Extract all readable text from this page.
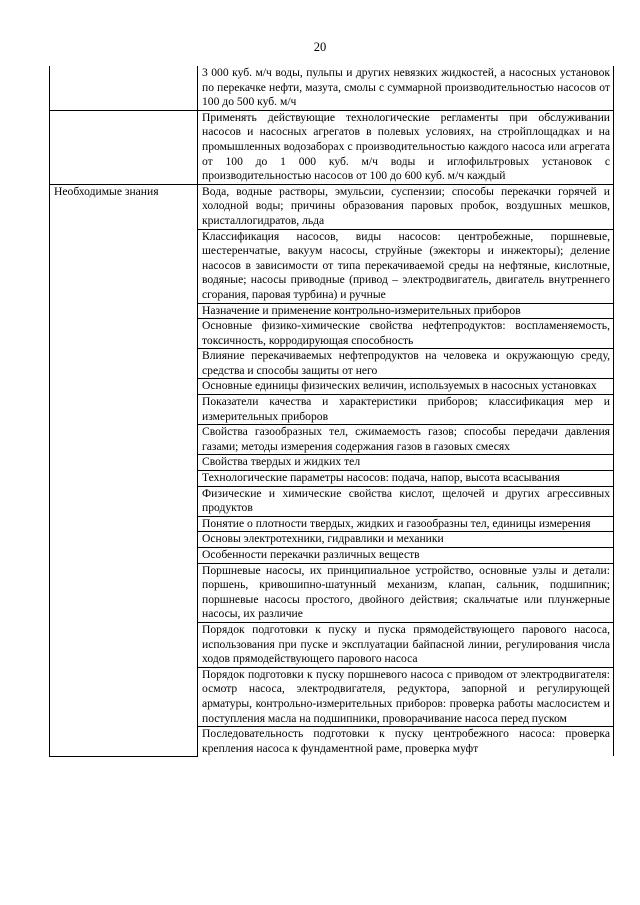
20
	3 000 куб. м/ч воды, пульпы и других невязких жидкостей, а насосных установок по перекачке нефти, мазута, смолы с суммарной производительностью насосов от 100 до 500 куб. м/ч
	Применять действующие технологические регламенты при обслуживании насосов и насосных агрегатов в полевых условиях, на стройплощадках и на промышленных водозаборах с производительностью каждого насоса или агрегата от 100 до 1 000 куб. м/ч воды и иглофильтровых установок с производительностью насосов от 100 до 600 куб. м/ч каждый
Необходимые знания	Вода, водные растворы, эмульсии, суспензии; способы перекачки горячей и холодной воды; причины образования паровых пробок, воздушных мешков, кристаллогидратов, льда
	Классификация насосов, виды насосов: центробежные, поршневые, шестеренчатые, вакуум насосы, струйные (эжекторы и инжекторы); деление насосов в зависимости от типа перекачиваемой среды на нефтяные, кислотные, водяные; насосы приводные (привод – электродвигатель, двигатель внутреннего сгорания, паровая турбина) и ручные
	Назначение и применение контрольно-измерительных приборов
	Основные физико-химические свойства нефтепродуктов: воспламеняемость, токсичность, корродирующая способность
	Влияние перекачиваемых нефтепродуктов на человека и окружающую среду, средства и способы защиты от него
	Основные единицы физических величин, используемых в насосных установках
	Показатели качества и характеристики приборов; классификация мер и измерительных приборов
	Свойства газообразных тел, сжимаемость газов; способы передачи давления газами; методы измерения содержания газов в газовых смесях
	Свойства твердых и жидких тел
	Технологические параметры насосов: подача, напор, высота всасывания
	Физические и химические свойства кислот, щелочей и других агрессивных продуктов
	Понятие о плотности твердых, жидких и газообразны тел, единицы измерения
	Основы электротехники, гидравлики и механики
	Особенности перекачки различных веществ
	Поршневые насосы, их принципиальное устройство, основные узлы и детали: поршень, кривошипно-шатунный механизм, клапан, сальник, подшипник; поршневые насосы простого, двойного действия; скальчатые или плунжерные насосы, их различие
	Порядок подготовки к пуску и пуска прямодействующего парового насоса, использования при пуске и эксплуатации байпасной линии, регулирования числа ходов прямодействующего парового насоса
	Порядок подготовки к пуску поршневого насоса с приводом от электродвигателя: осмотр насоса, электродвигателя, редуктора, запорной и регулирующей арматуры, контрольно-измерительных приборов: проверка работы маслосистем и поступления масла на подшипники, проворачивание насоса перед пуском
	Последовательность подготовки к пуску центробежного насоса: проверка крепления насоса к фундаментной раме, проверка муфт
